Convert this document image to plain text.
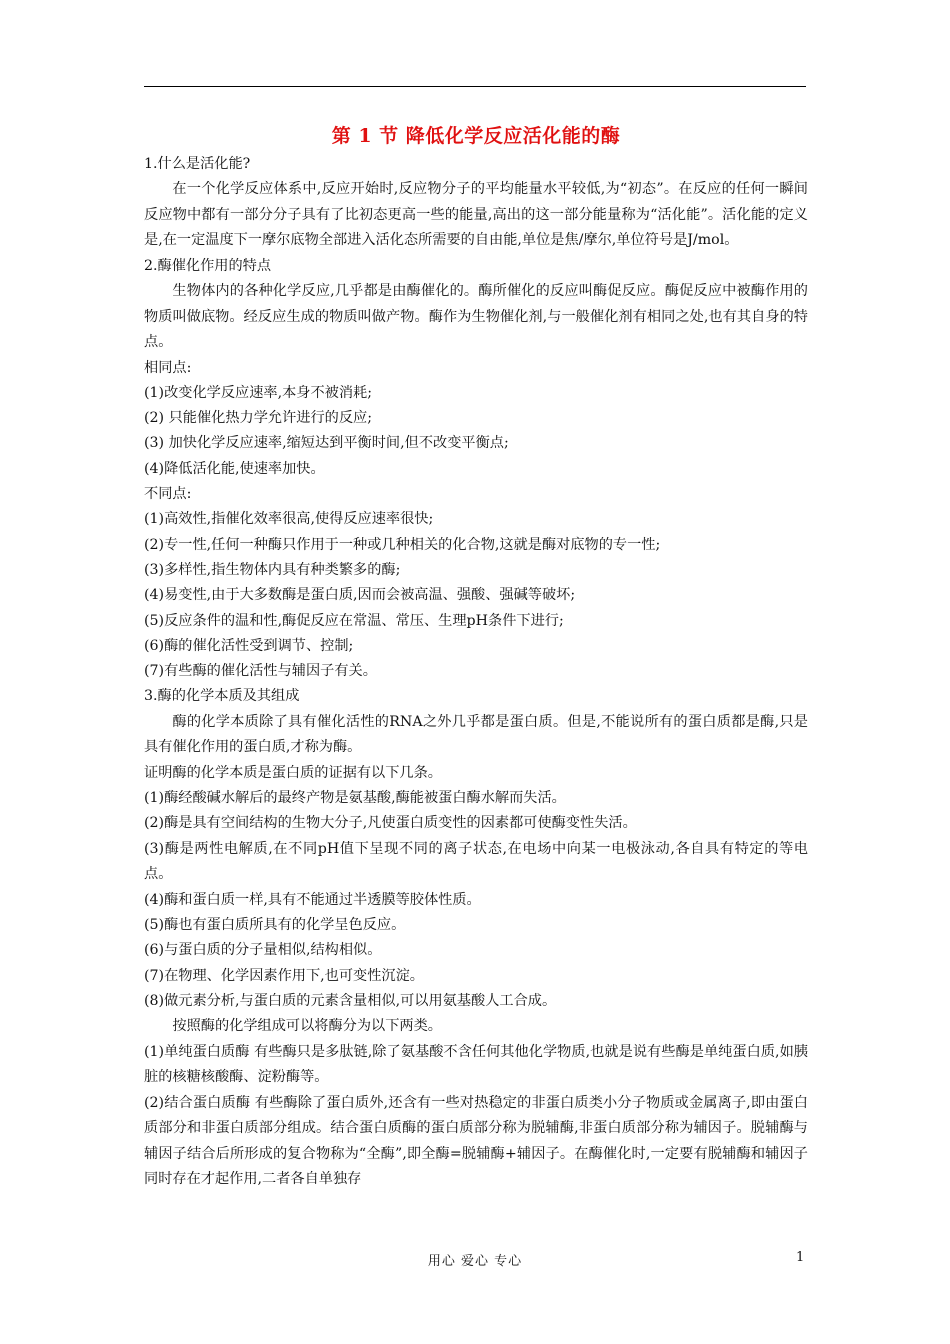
第 1 节 降低化学反应活化能的酶
1.什么是活化能?
在一个化学反应体系中,反应开始时,反应物分子的平均能量水平较低,为“初态”。在反应的任何一瞬间反应物中都有一部分分子具有了比初态更高一些的能量,高出的这一部分能量称为“活化能”。活化能的定义是,在一定温度下一摩尔底物全部进入活化态所需要的自由能,单位是焦/摩尔,单位符号是J/mol。
2.酶催化作用的特点
生物体内的各种化学反应,几乎都是由酶催化的。酶所催化的反应叫酶促反应。酶促反应中被酶作用的物质叫做底物。经反应生成的物质叫做产物。酶作为生物催化剂,与一般催化剂有相同之处,也有其自身的特点。
相同点:
(1)改变化学反应速率,本身不被消耗;
(2) 只能催化热力学允许进行的反应;
(3) 加快化学反应速率,缩短达到平衡时间,但不改变平衡点;
(4)降低活化能,使速率加快。
不同点:
(1)高效性,指催化效率很高,使得反应速率很快;
(2)专一性,任何一种酶只作用于一种或几种相关的化合物,这就是酶对底物的专一性;
(3)多样性,指生物体内具有种类繁多的酶;
(4)易变性,由于大多数酶是蛋白质,因而会被高温、强酸、强碱等破坏;
(5)反应条件的温和性,酶促反应在常温、常压、生理pH条件下进行;
(6)酶的催化活性受到调节、控制;
(7)有些酶的催化活性与辅因子有关。
3.酶的化学本质及其组成
酶的化学本质除了具有催化活性的RNA之外几乎都是蛋白质。但是,不能说所有的蛋白质都是酶,只是具有催化作用的蛋白质,才称为酶。
证明酶的化学本质是蛋白质的证据有以下几条。
(1)酶经酸碱水解后的最终产物是氨基酸,酶能被蛋白酶水解而失活。
(2)酶是具有空间结构的生物大分子,凡使蛋白质变性的因素都可使酶变性失活。
(3)酶是两性电解质,在不同pH值下呈现不同的离子状态,在电场中向某一电极泳动,各自具有特定的等电点。
(4)酶和蛋白质一样,具有不能通过半透膜等胶体性质。
(5)酶也有蛋白质所具有的化学呈色反应。
(6)与蛋白质的分子量相似,结构相似。
(7)在物理、化学因素作用下,也可变性沉淀。
(8)做元素分析,与蛋白质的元素含量相似,可以用氨基酸人工合成。
按照酶的化学组成可以将酶分为以下两类。
(1)单纯蛋白质酶 有些酶只是多肽链,除了氨基酸不含任何其他化学物质,也就是说有些酶是单纯蛋白质,如胰脏的核糖核酸酶、淀粉酶等。
(2)结合蛋白质酶 有些酶除了蛋白质外,还含有一些对热稳定的非蛋白质类小分子物质或金属离子,即由蛋白质部分和非蛋白质部分组成。结合蛋白质酶的蛋白质部分称为脱辅酶,非蛋白质部分称为辅因子。脱辅酶与辅因子结合后所形成的复合物称为“全酶”,即全酶=脱辅酶+辅因子。在酶催化时,一定要有脱辅酶和辅因子同时存在才起作用,二者各自单独存
用心 爱心 专心	1
